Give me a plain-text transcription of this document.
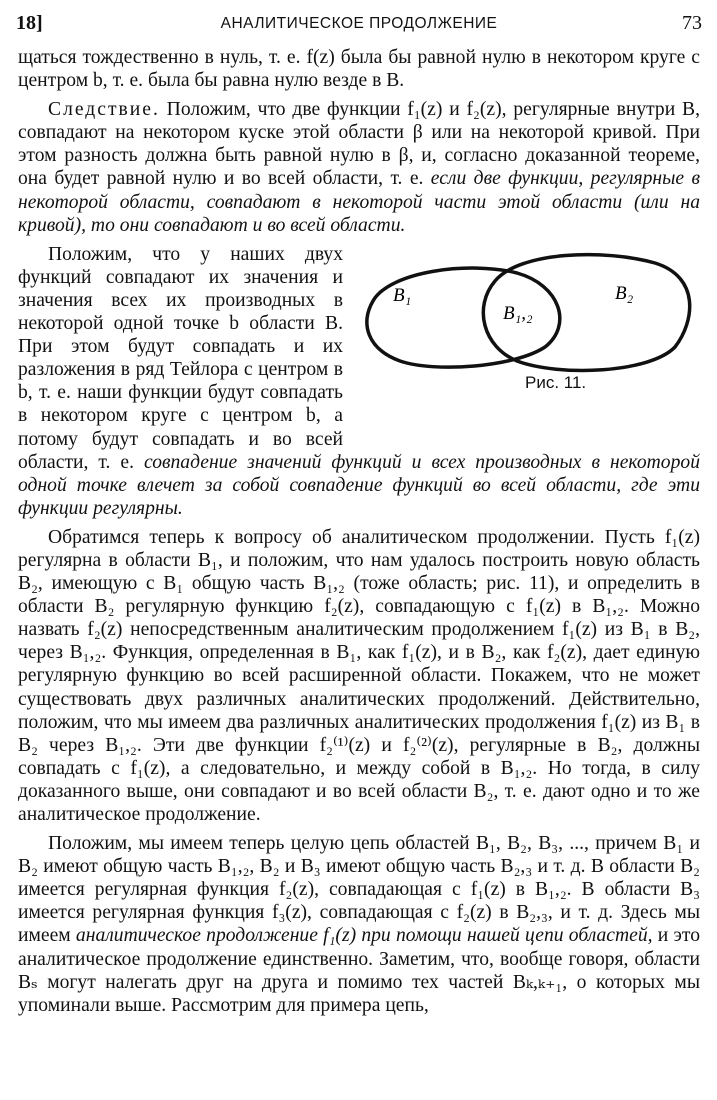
18]	АНАЛИТИЧЕСКОЕ ПРОДОЛЖЕНИЕ	73

щаться тождественно в нуль, т. е. f(z) была бы равной нулю в некотором круге с центром b, т. е. была бы равна нулю везде в B.

Следствие. Положим, что две функции f₁(z) и f₂(z), регулярные внутри B, совпадают на некотором куске этой области β или на некоторой кривой. При этом разность должна быть равной нулю в β, и, согласно доказанной теореме, она будет равной нулю и во всей области, т. е. если две функции, регулярные в некоторой области, совпадают в некоторой части этой области (или на кривой), то они совпадают и во всей области.

B₁
B₁,₂
B₂
Рис. 11.
Положим, что у наших двух функций совпадают их значения и значения всех их производных в некоторой одной точке b области B. При этом будут совпадать и их разложения в ряд Тейлора с центром в b, т. е. наши функции будут совпадать в некотором круге с центром b, а потому будут совпадать и во всей области, т. е. совпадение значений функций и всех производных в некоторой одной точке влечет за собой совпадение функций во всей области, где эти функции регулярны.

Обратимся теперь к вопросу об аналитическом продолжении. Пусть f₁(z) регулярна в области B₁, и положим, что нам удалось построить новую область B₂, имеющую с B₁ общую часть B₁,₂ (тоже область; рис. 11), и определить в области B₂ регулярную функцию f₂(z), совпадающую с f₁(z) в B₁,₂. Можно назвать f₂(z) непосредственным аналитическим продолжением f₁(z) из B₁ в B₂, через B₁,₂. Функция, определенная в B₁, как f₁(z), и в B₂, как f₂(z), дает единую регулярную функцию во всей расширенной области. Покажем, что не может существовать двух различных аналитических продолжений. Действительно, положим, что мы имеем два различных аналитических продолжения f₁(z) из B₁ в B₂ через B₁,₂. Эти две функции f₂⁽¹⁾(z) и f₂⁽²⁾(z), регулярные в B₂, должны совпадать с f₁(z), а следовательно, и между собой в B₁,₂. Но тогда, в силу доказанного выше, они совпадают и во всей области B₂, т. е. дают одно и то же аналитическое продолжение.

Положим, мы имеем теперь целую цепь областей B₁, B₂, B₃, ..., причем B₁ и B₂ имеют общую часть B₁,₂, B₂ и B₃ имеют общую часть B₂,₃ и т. д. В области B₂ имеется регулярная функция f₂(z), совпадающая с f₁(z) в B₁,₂. В области B₃ имеется регулярная функция f₃(z), совпадающая с f₂(z) в B₂,₃, и т. д. Здесь мы имеем аналитическое продолжение f₁(z) при помощи нашей цепи областей, и это аналитическое продолжение единственно. Заметим, что, вообще говоря, области Bₛ могут налегать друг на друга и помимо тех частей Bₖ,ₖ₊₁, о которых мы упоминали выше. Рассмотрим для примера цепь,
